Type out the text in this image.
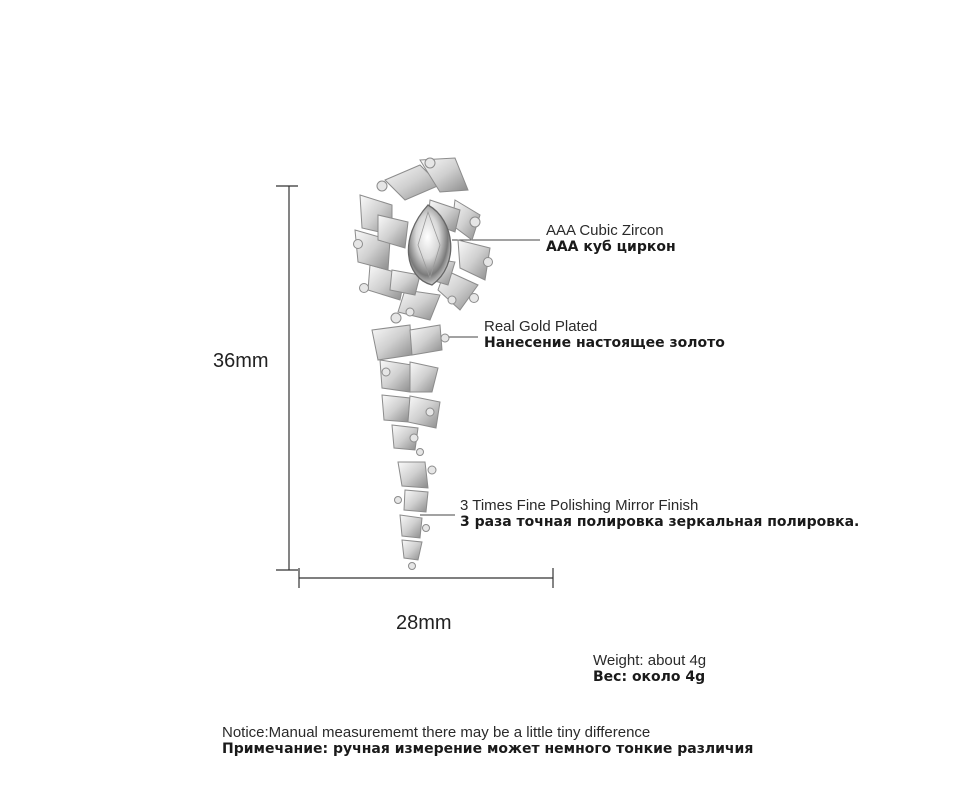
36mm
28mm
AAA Cubic Zircon
AAA куб циркон
Real Gold Plated
Нанесение настоящее золото
3 Times Fine Polishing Mirror Finish
3 раза точная полировка зеркальная полировка.
Weight: about 4g
Вес: около 4g
Notice:Manual measurememt there may be a little tiny difference
Примечание: ручная измерение может немного тонкие различия
